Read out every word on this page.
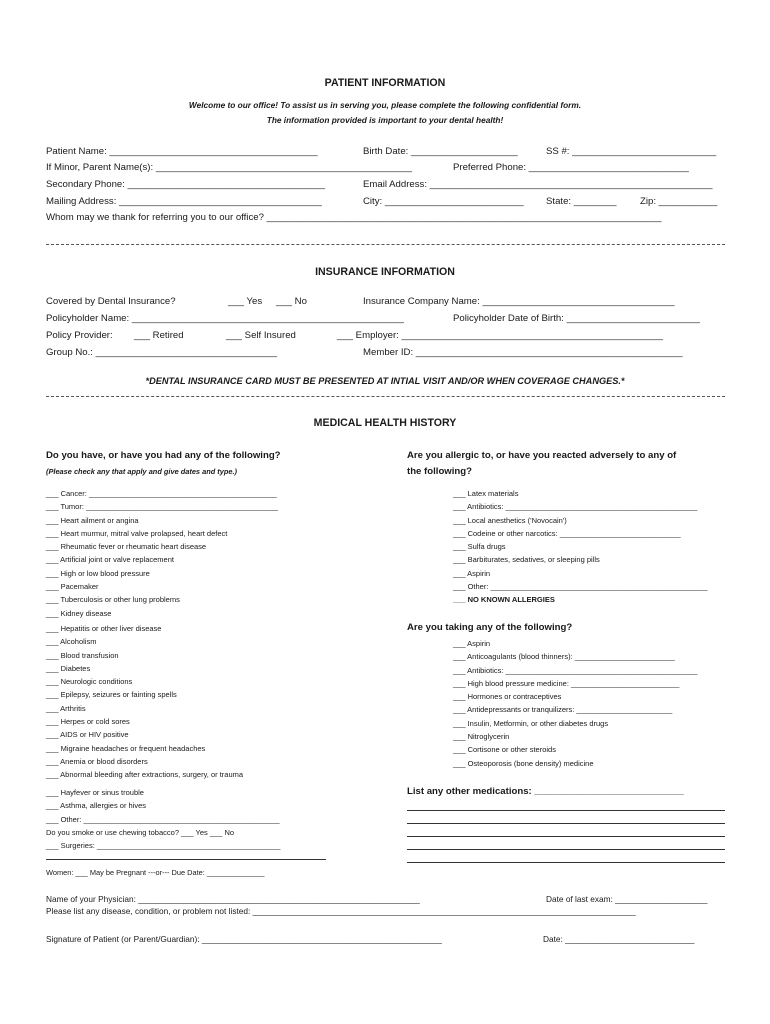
PATIENT INFORMATION
Welcome to our office! To assist us in serving you, please complete the following confidential form.
The information provided is important to your dental health!
Patient Name: _______________________________________	Birth Date: ____________________	SS #: ___________________________
If Minor, Parent Name(s): ________________________________________________	Preferred Phone: ______________________________
Secondary Phone: _____________________________________	Email Address: _____________________________________________________
Mailing Address: ______________________________________	City: __________________________ State: ________ Zip: ___________
Whom may we thank for referring you to our office? __________________________________________________________________________
INSURANCE INFORMATION
Covered by Dental Insurance?	___ Yes ___ No	Insurance Company Name: ____________________________________
Policyholder Name: ___________________________________________________	Policyholder Date of Birth: _________________________
Policy Provider: ___ Retired	___ Self Insured	___ Employer: _________________________________________________
Group No.: __________________________________	Member ID: __________________________________________________
*DENTAL INSURANCE CARD MUST BE PRESENTED AT INTIAL VISIT AND/OR WHEN COVERAGE CHANGES.*
MEDICAL HEALTH HISTORY
Do you have, or have you had any of the following?
(Please check any that apply and give dates and type.)
___ Cancer: _____________________________________________
___ Tumor: ______________________________________________
___ Heart ailment or angina
___ Heart murmur, mitral valve prolapsed, heart defect
___ Rheumatic fever or rheumatic heart disease
___ Artificial joint or valve replacement
___ High or low blood pressure
___ Pacemaker
___ Tuberculosis or other lung problems
___ Kidney disease
___ Hepatitis or other liver disease
___ Alcoholism
___ Blood transfusion
___ Diabetes
___ Neurologic conditions
___ Epilepsy, seizures or fainting spells
___ Arthritis
___ Herpes or cold sores
___ AIDS or HIV positive
___ Migraine headaches or frequent headaches
___ Anemia or blood disorders
___ Abnormal bleeding after extractions, surgery, or trauma
___ Hayfever or sinus trouble
___ Asthma, allergies or hives
___ Other: _______________________________________________
Do you smoke or use chewing tobacco? ___ Yes ___ No
___ Surgeries: ____________________________________________
Women: ___ May be Pregnant ---or--- Due Date: ______________
Are you allergic to, or have you reacted adversely to any of
the following?
___ Latex materials
___ Antibiotics: ______________________________________________
___ Local anesthetics ('Novocain')
___ Codeine or other narcotics: _____________________________
___ Sulfa drugs
___ Barbiturates, sedatives, or sleeping pills
___ Aspirin
___ Other: ____________________________________________________
___ NO KNOWN ALLERGIES
Are you taking any of the following?
___ Aspirin
___ Anticoagulants (blood thinners): ________________________
___ Antibiotics: ______________________________________________
___ High blood pressure medicine: __________________________
___ Hormones or contraceptives
___ Antidepressants or tranquilizers: _______________________
___ Insulin, Metformin, or other diabetes drugs
___ Nitroglycerin
___ Cortisone or other steroids
___ Osteoporosis (bone density) medicine
List any other medications: ____________________________
Name of your Physician: _____________________________________________________________	Date of last exam: ____________________
Please list any disease, condition, or problem not listed: ___________________________________________________________________________________
Signature of Patient (or Parent/Guardian): ____________________________________________________	Date: ____________________________
